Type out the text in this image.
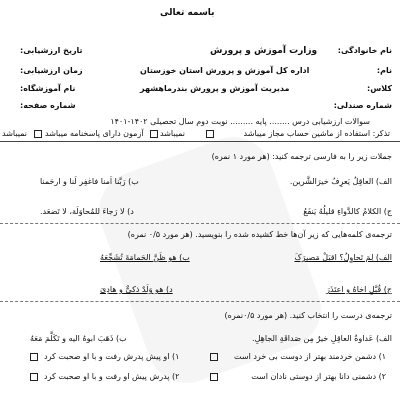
باسمه تعالی
نام خانوادگی:
نام:
کلاس:
شماره صندلی:
وزارت آموزش و پرورش
اداره کل آموزش و پرورش استان خوزستان
مدیریت آموزش و پرورش بندرماهشهر
تاریخ ارزشیابی:
زمان ارزشیابی:
نام آموزشگاه:
شماره صفحه:
سوالات ارزشیابی درس ........ پایه ......... نوبت دوم سال تحصیلی ۱۴۰۲-۱۴۰۱
تذکر: استفاده از ماشین حساب مجاز میباشد
نمیباشد
آزمون دارای پاسخنامه میباشد
نمیباشد
جملات زیر را به فارسی ترجمه کنید: (هر مورد ۱ نمره)
الف) العاقِلُ یَعرِفُ خیرَالشَّرین.
ب) رَبَّنا اَمنا فاغفِر لَنا و ارحَمنا
ج) الکلامُ کالدَّواءِ قلیلُهُ یَنفَعُ
د) لا رَجاءَ للمُحاوَلَة، لا تَضعَد.
ترجمه‌ی کلمه‌هایی که زیر آن‌ها خط کشیده شده را بنویسید. (هر مورد ۰/۵ نمره)
الف) لِمَ تَحاوِلُ؟ اقبَلْ مَصیرَکَ
ب) هو ظَنَّ الحَمامَةَ تُشَجِّعَهُ
ج) قُبَّلِ اخاهُ و اعتَذَرَ
د) هو وَلَدٌ ذکیٌّ و هادِیَ
ترجمه‌ی درست را انتخاب کنید. (هر مورد ۰/۵نمره)
الف) عَداوةُ العاقِلِ خیرٌ مِن صَداقَةِ الجاهِلِ.
ب) ذَهَبَ ابوهُ الیه و تَکَلَّمَ مَعَهُ
۱) دشمن خردمند بهتر از دوست بی خرد است
۲) دشمنی دانا بهتر از دوستی نادان است
۱) او پیش پدرش رفت و با او صحبت کرد
۲) پدرش پیش او رفت و با او صحبت کرد
